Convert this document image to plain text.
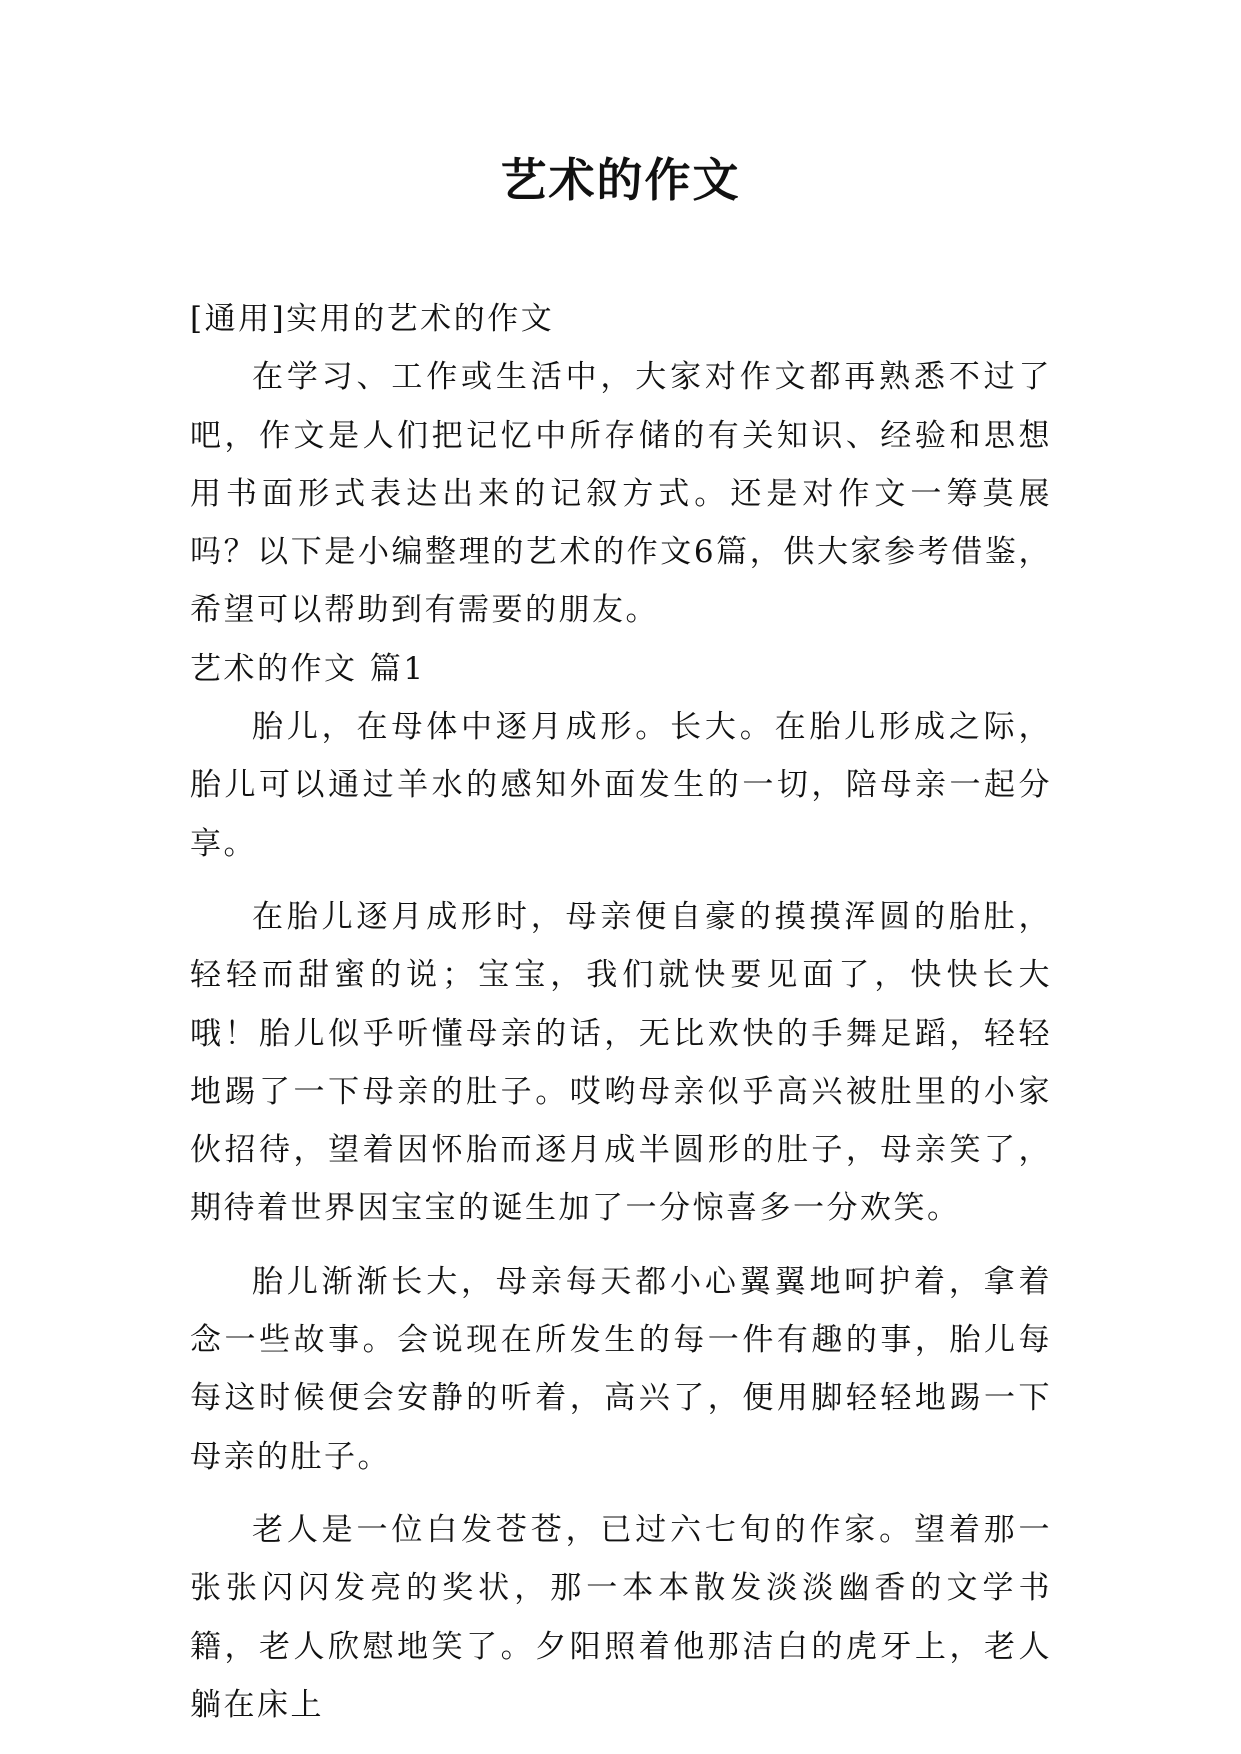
艺术的作文

[通用]实用的艺术的作文

在学习、工作或生活中，大家对作文都再熟悉不过了吧，作文是人们把记忆中所存储的有关知识、经验和思想用书面形式表达出来的记叙方式。还是对作文一筹莫展吗？以下是小编整理的艺术的作文6篇，供大家参考借鉴，希望可以帮助到有需要的朋友。

艺术的作文 篇1

胎儿，在母体中逐月成形。长大。在胎儿形成之际，胎儿可以通过羊水的感知外面发生的一切，陪母亲一起分享。

在胎儿逐月成形时，母亲便自豪的摸摸浑圆的胎肚，轻轻而甜蜜的说；宝宝，我们就快要见面了，快快长大哦！胎儿似乎听懂母亲的话，无比欢快的手舞足蹈，轻轻地踢了一下母亲的肚子。哎哟母亲似乎高兴被肚里的小家伙招待，望着因怀胎而逐月成半圆形的肚子，母亲笑了，期待着世界因宝宝的诞生加了一分惊喜多一分欢笑。

胎儿渐渐长大，母亲每天都小心翼翼地呵护着，拿着念一些故事。会说现在所发生的每一件有趣的事，胎儿每每这时候便会安静的听着，高兴了，便用脚轻轻地踢一下母亲的肚子。

老人是一位白发苍苍，已过六七旬的作家。望着那一张张闪闪发亮的奖状，那一本本散发淡淡幽香的文学书籍，老人欣慰地笑了。夕阳照着他那洁白的虎牙上，老人躺在床上
